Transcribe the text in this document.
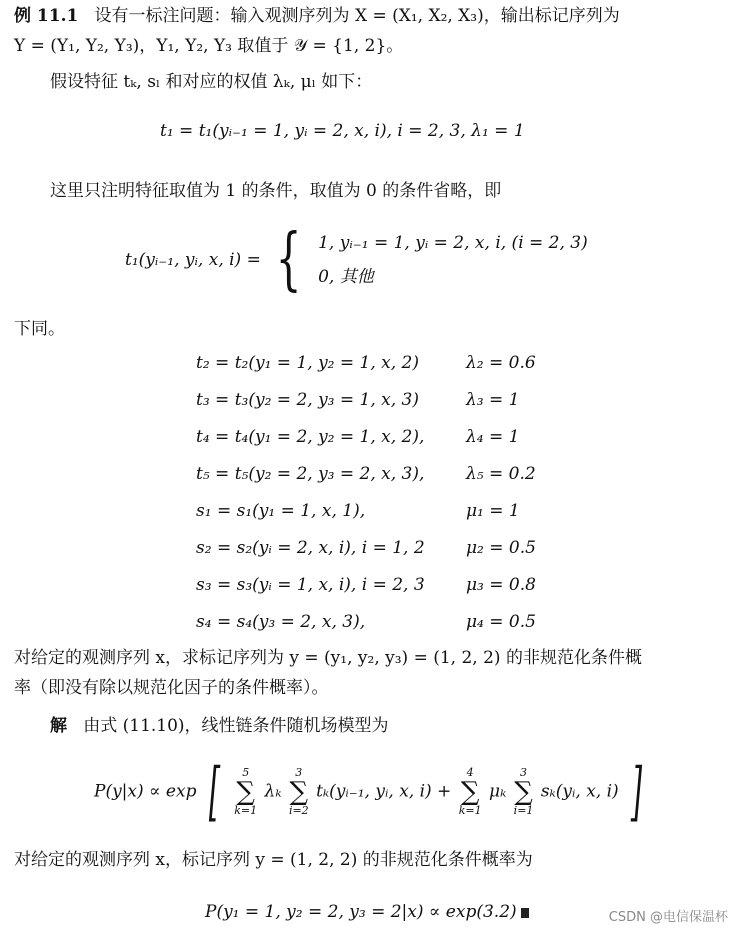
例 11.1 设有一标注问题：输入观测序列为 X = (X₁, X₂, X₃)，输出标记序列为
Y = (Y₁, Y₂, Y₃)，Y₁, Y₂, Y₃ 取值于 𝒴 = {1, 2}。
假设特征 tₖ, sₗ 和对应的权值 λₖ, μₗ 如下：
t₁ = t₁(yᵢ₋₁ = 1, yᵢ = 2, x, i), i = 2, 3, λ₁ = 1
这里只注明特征取值为 1 的条件，取值为 0 的条件省略，即
t₁(yᵢ₋₁, yᵢ, x, i) = { 1, yᵢ₋₁ = 1, yᵢ = 2, x, i, (i = 2, 3)
0, 其他
下同。
t₂ = t₂(y₁ = 1, y₂ = 1, x, 2)	λ₂ = 0.6
t₃ = t₃(y₂ = 2, y₃ = 1, x, 3)	λ₃ = 1
t₄ = t₄(y₁ = 2, y₂ = 1, x, 2),	λ₄ = 1
t₅ = t₅(y₂ = 2, y₃ = 2, x, 3),	λ₅ = 0.2
s₁ = s₁(y₁ = 1, x, 1),	μ₁ = 1
s₂ = s₂(yᵢ = 2, x, i), i = 1, 2	μ₂ = 0.5
s₃ = s₃(yᵢ = 1, x, i), i = 2, 3	μ₃ = 0.8
s₄ = s₄(y₃ = 2, x, 3),	μ₄ = 0.5
对给定的观测序列 x，求标记序列为 y = (y₁, y₂, y₃) = (1, 2, 2) 的非规范化条件概
率（即没有除以规范化因子的条件概率）。
解 由式 (11.10)，线性链条件随机场模型为
P(y|x) ∝ exp [ 5
∑
k=1
λₖ
3
∑
i=2
tₖ(yᵢ₋₁, yᵢ, x, i) +
4
∑
k=1
μₖ
3
∑
i=1
sₖ(yᵢ, x, i) ]
对给定的观测序列 x，标记序列 y = (1, 2, 2) 的非规范化条件概率为
P(y₁ = 1, y₂ = 2, y₃ = 2|x) ∝ exp(3.2)	CSDN @电信保温杯
